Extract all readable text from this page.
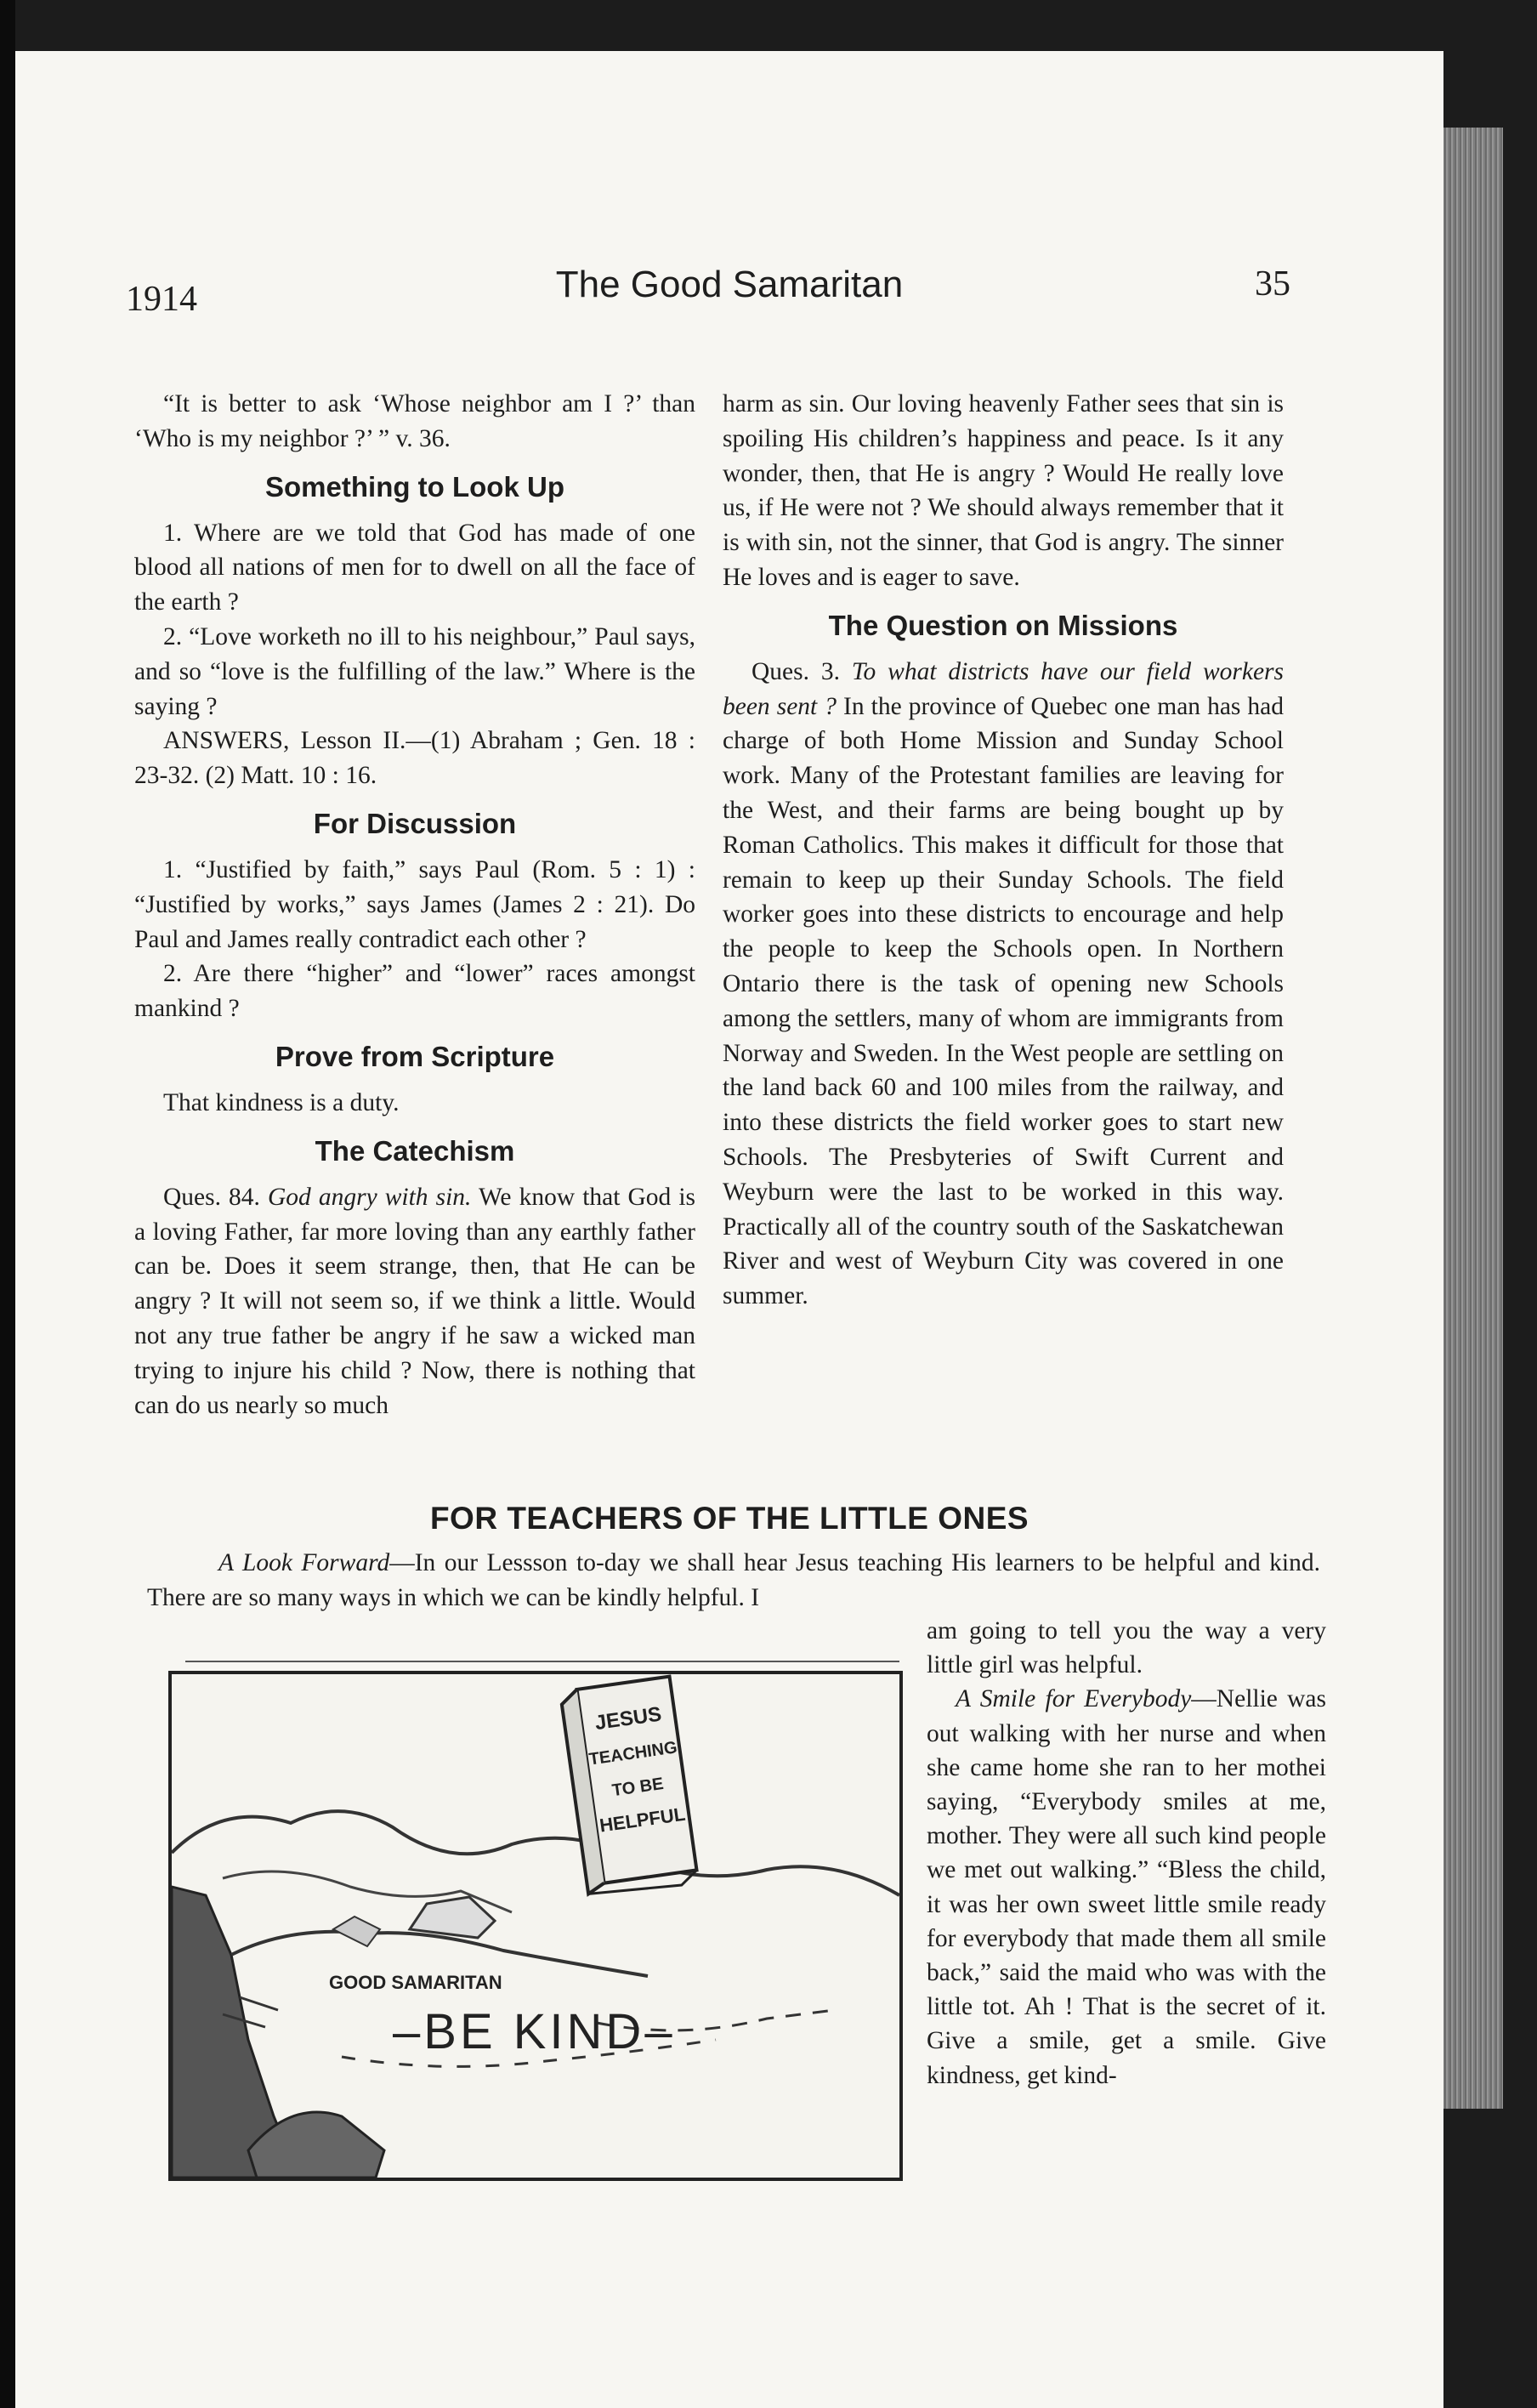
1914	The Good Samaritan	35

“It is better to ask ‘Whose neighbor am I ?’ than ‘Who is my neighbor ?’ ” v. 36.

Something to Look Up

1. Where are we told that God has made of one blood all nations of men for to dwell on all the face of the earth ?

2. “Love worketh no ill to his neighbour,” Paul says, and so “love is the fulfilling of the law.” Where is the saying ?

ANSWERS, Lesson II.—(1) Abraham ; Gen. 18 : 23-32. (2) Matt. 10 : 16.

For Discussion

1. “Justified by faith,” says Paul (Rom. 5 : 1) : “Justified by works,” says James (James 2 : 21). Do Paul and James really contradict each other ?

2. Are there “higher” and “lower” races amongst mankind ?

Prove from Scripture

That kindness is a duty.

The Catechism

Ques. 84. God angry with sin. We know that God is a loving Father, far more loving than any earthly father can be. Does it seem strange, then, that He can be angry ? It will not seem so, if we think a little. Would not any true father be angry if he saw a wicked man trying to injure his child ? Now, there is nothing that can do us nearly so much

harm as sin. Our loving heavenly Father sees that sin is spoiling His children’s happiness and peace. Is it any wonder, then, that He is angry ? Would He really love us, if He were not ? We should always remember that it is with sin, not the sinner, that God is angry. The sinner He loves and is eager to save.

The Question on Missions

Ques. 3. To what districts have our field workers been sent ? In the province of Quebec one man has had charge of both Home Mission and Sunday School work. Many of the Protestant families are leaving for the West, and their farms are being bought up by Roman Catholics. This makes it difficult for those that remain to keep up their Sunday Schools. The field worker goes into these districts to encourage and help the people to keep the Schools open. In Northern Ontario there is the task of opening new Schools among the settlers, many of whom are immigrants from Norway and Sweden. In the West people are settling on the land back 60 and 100 miles from the railway, and into these districts the field worker goes to start new Schools. The Presbyteries of Swift Current and Weyburn were the last to be worked in this way. Practically all of the country south of the Saskatchewan River and west of Weyburn City was covered in one summer.

FOR TEACHERS OF THE LITTLE ONES

A Look Forward—In our Lessson to-day we shall hear Jesus teaching His learners to be helpful and kind. There are so many ways in which we can be kindly helpful. I

JESUS
TEACHING
TO BE
HELPFUL
GOOD SAMARITAN
–BE KIND–

am going to tell you the way a very little girl was helpful.

A Smile for Everybody—Nellie was out walking with her nurse and when she came home she ran to her mothei saying, “Everybody smiles at me, mother. They were all such kind people we met out walking.” “Bless the child, it was her own sweet little smile ready for everybody that made them all smile back,” said the maid who was with the little tot. Ah ! That is the secret of it. Give a smile, get a smile. Give kindness, get kind-
